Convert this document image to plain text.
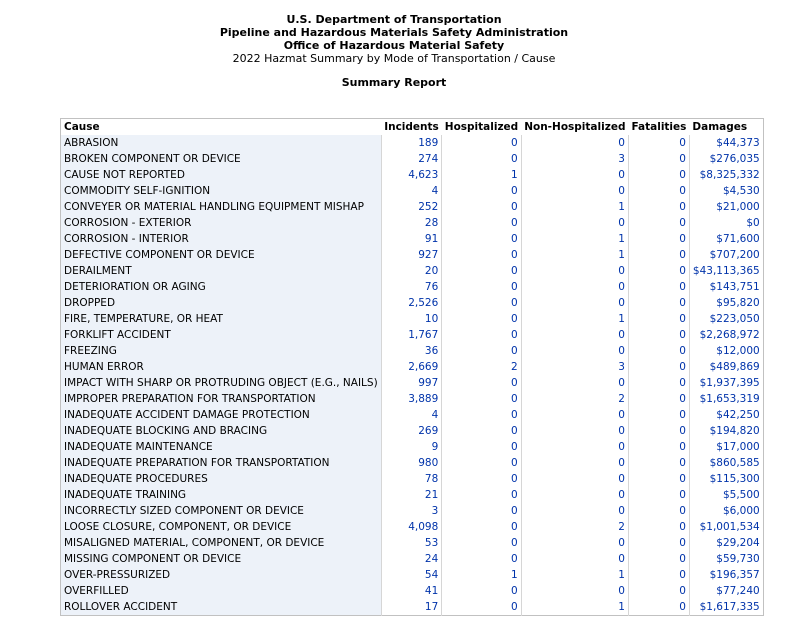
U.S. Department of Transportation
Pipeline and Hazardous Materials Safety Administration
Office of Hazardous Material Safety
2022 Hazmat Summary by Mode of Transportation / Cause
Summary Report
Cause	Incidents	Hospitalized	Non-Hospitalized	Fatalities	Damages
ABRASION	189	0	0	0	$44,373
BROKEN COMPONENT OR DEVICE	274	0	3	0	$276,035
CAUSE NOT REPORTED	4,623	1	0	0	$8,325,332
COMMODITY SELF-IGNITION	4	0	0	0	$4,530
CONVEYER OR MATERIAL HANDLING EQUIPMENT MISHAP	252	0	1	0	$21,000
CORROSION - EXTERIOR	28	0	0	0	$0
CORROSION - INTERIOR	91	0	1	0	$71,600
DEFECTIVE COMPONENT OR DEVICE	927	0	1	0	$707,200
DERAILMENT	20	0	0	0	$43,113,365
DETERIORATION OR AGING	76	0	0	0	$143,751
DROPPED	2,526	0	0	0	$95,820
FIRE, TEMPERATURE, OR HEAT	10	0	1	0	$223,050
FORKLIFT ACCIDENT	1,767	0	0	0	$2,268,972
FREEZING	36	0	0	0	$12,000
HUMAN ERROR	2,669	2	3	0	$489,869
IMPACT WITH SHARP OR PROTRUDING OBJECT (E.G., NAILS)	997	0	0	0	$1,937,395
IMPROPER PREPARATION FOR TRANSPORTATION	3,889	0	2	0	$1,653,319
INADEQUATE ACCIDENT DAMAGE PROTECTION	4	0	0	0	$42,250
INADEQUATE BLOCKING AND BRACING	269	0	0	0	$194,820
INADEQUATE MAINTENANCE	9	0	0	0	$17,000
INADEQUATE PREPARATION FOR TRANSPORTATION	980	0	0	0	$860,585
INADEQUATE PROCEDURES	78	0	0	0	$115,300
INADEQUATE TRAINING	21	0	0	0	$5,500
INCORRECTLY SIZED COMPONENT OR DEVICE	3	0	0	0	$6,000
LOOSE CLOSURE, COMPONENT, OR DEVICE	4,098	0	2	0	$1,001,534
MISALIGNED MATERIAL, COMPONENT, OR DEVICE	53	0	0	0	$29,204
MISSING COMPONENT OR DEVICE	24	0	0	0	$59,730
OVER-PRESSURIZED	54	1	1	0	$196,357
OVERFILLED	41	0	0	0	$77,240
ROLLOVER ACCIDENT	17	0	1	0	$1,617,335
